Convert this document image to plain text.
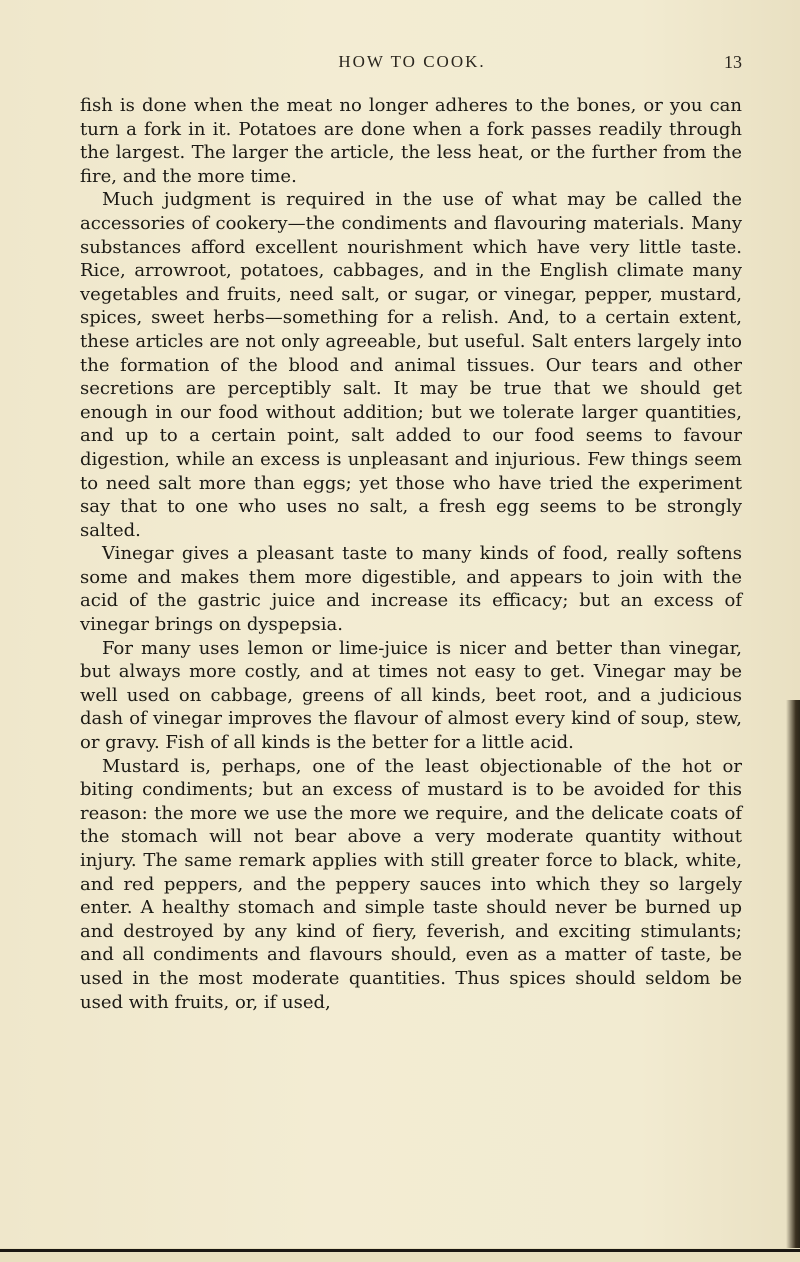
HOW TO COOK.	13

fish is done when the meat no longer adheres to the bones, or you can turn a fork in it. Potatoes are done when a fork passes readily through the largest. The larger the article, the less heat, or the further from the fire, and the more time.

Much judgment is required in the use of what may be called the accessories of cookery—the condiments and flavouring materials. Many substances afford excellent nourishment which have very little taste. Rice, arrowroot, potatoes, cabbages, and in the English climate many vegetables and fruits, need salt, or sugar, or vinegar, pepper, mustard, spices, sweet herbs—something for a relish. And, to a certain extent, these articles are not only agreeable, but useful. Salt enters largely into the formation of the blood and animal tissues. Our tears and other secretions are perceptibly salt. It may be true that we should get enough in our food without addition; but we tolerate larger quantities, and up to a certain point, salt added to our food seems to favour digestion, while an excess is unpleasant and injurious. Few things seem to need salt more than eggs; yet those who have tried the experiment say that to one who uses no salt, a fresh egg seems to be strongly salted.

Vinegar gives a pleasant taste to many kinds of food, really softens some and makes them more digestible, and appears to join with the acid of the gastric juice and increase its efficacy; but an excess of vinegar brings on dyspepsia.

For many uses lemon or lime-juice is nicer and better than vinegar, but always more costly, and at times not easy to get. Vinegar may be well used on cabbage, greens of all kinds, beet root, and a judicious dash of vinegar improves the flavour of almost every kind of soup, stew, or gravy. Fish of all kinds is the better for a little acid.

Mustard is, perhaps, one of the least objectionable of the hot or biting condiments; but an excess of mustard is to be avoided for this reason: the more we use the more we require, and the delicate coats of the stomach will not bear above a very moderate quantity without injury. The same remark applies with still greater force to black, white, and red peppers, and the peppery sauces into which they so largely enter. A healthy stomach and simple taste should never be burned up and destroyed by any kind of fiery, feverish, and exciting stimulants; and all condiments and flavours should, even as a matter of taste, be used in the most moderate quantities. Thus spices should seldom be used with fruits, or, if used,
